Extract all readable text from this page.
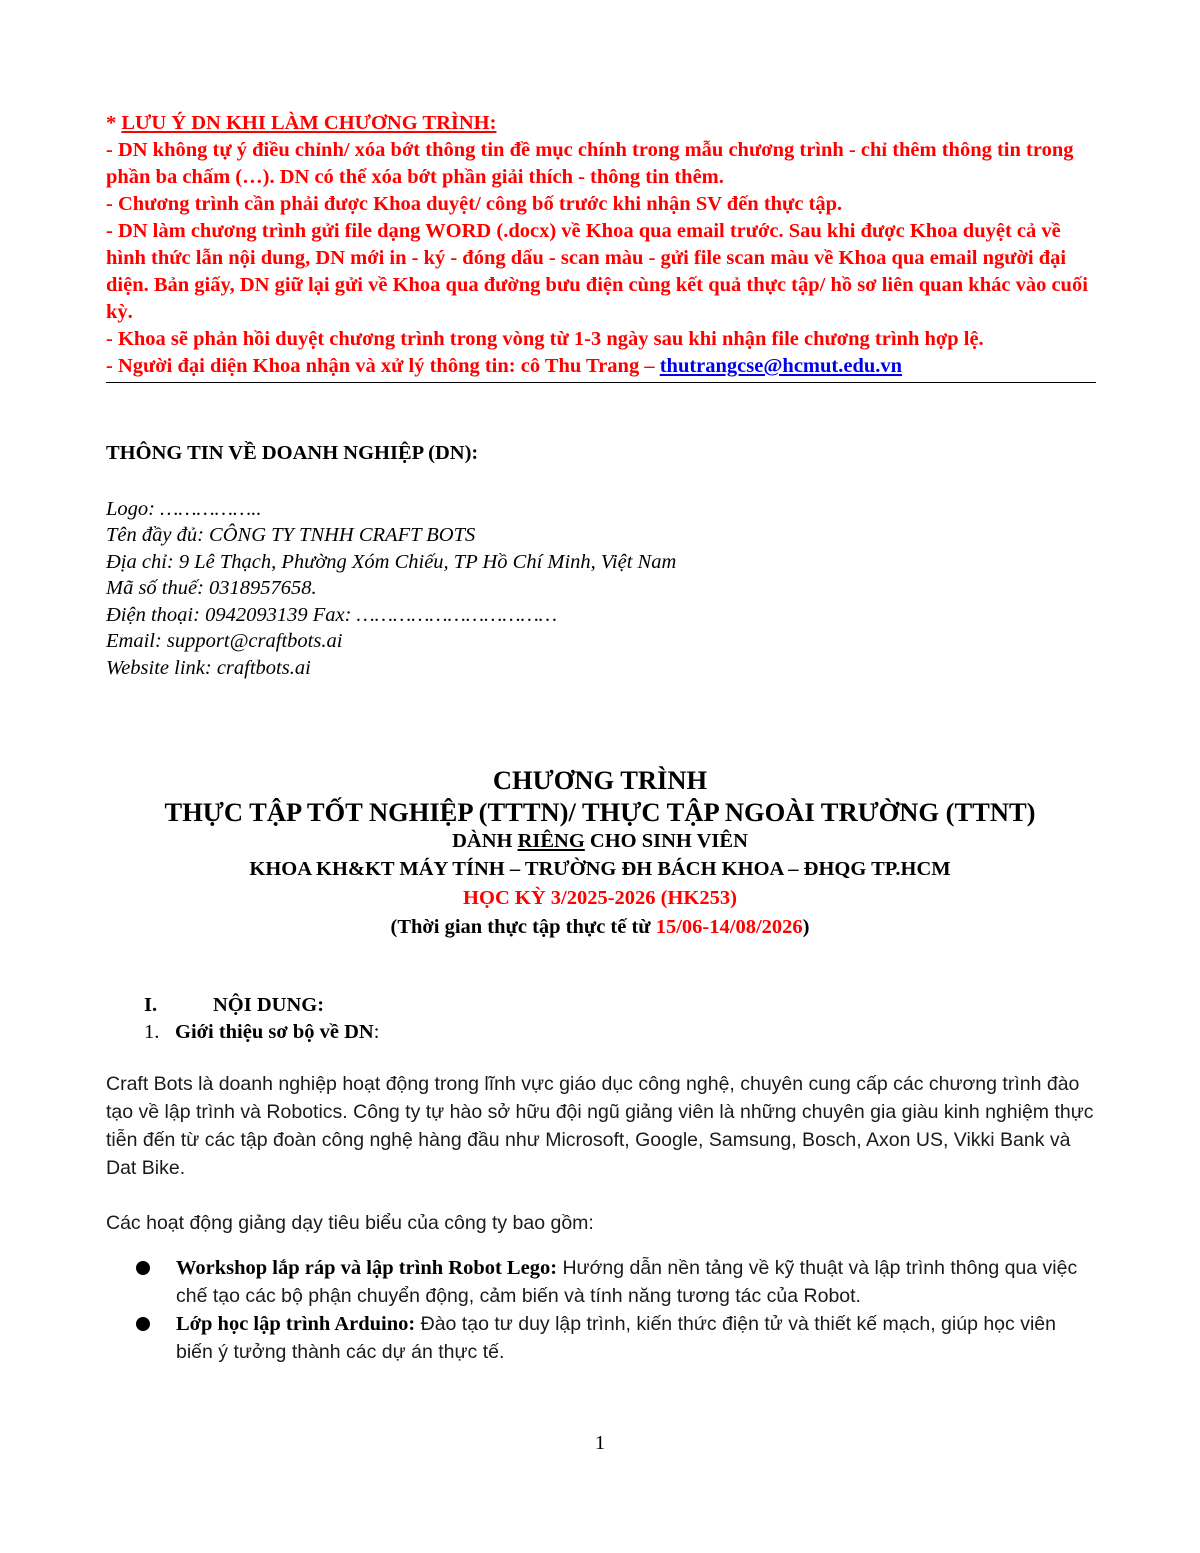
* LƯU Ý DN KHI LÀM CHƯƠNG TRÌNH:

- DN không tự ý điều chỉnh/ xóa bớt thông tin đề mục chính trong mẫu chương trình - chỉ thêm thông tin trong phần ba chấm (…). DN có thể xóa bớt phần giải thích - thông tin thêm.

- Chương trình cần phải được Khoa duyệt/ công bố trước khi nhận SV đến thực tập.

- DN làm chương trình gửi file dạng WORD (.docx) về Khoa qua email trước. Sau khi được Khoa duyệt cả về hình thức lẫn nội dung, DN mới in - ký - đóng dấu - scan màu - gửi file scan màu về Khoa qua email người đại diện. Bản giấy, DN giữ lại gửi về Khoa qua đường bưu điện cùng kết quả thực tập/ hồ sơ liên quan khác vào cuối kỳ.

- Khoa sẽ phản hồi duyệt chương trình trong vòng từ 1-3 ngày sau khi nhận file chương trình hợp lệ.

- Người đại diện Khoa nhận và xử lý thông tin: cô Thu Trang – thutrangcse@hcmut.edu.vn

THÔNG TIN VỀ DOANH NGHIỆP (DN):
Logo: ……………..
Tên đầy đủ: CÔNG TY TNHH CRAFT BOTS
Địa chỉ: 9 Lê Thạch, Phường Xóm Chiếu, TP Hồ Chí Minh, Việt Nam
Mã số thuế: 0318957658.
Điện thoại: 0942093139 Fax: ……………………………
Email: support@craftbots.ai
Website link: craftbots.ai
CHƯƠNG TRÌNH
THỰC TẬP TỐT NGHIỆP (TTTN)/ THỰC TẬP NGOÀI TRƯỜNG (TTNT)
DÀNH RIÊNG CHO SINH VIÊN
KHOA KH&KT MÁY TÍNH – TRƯỜNG ĐH BÁCH KHOA – ĐHQG TP.HCM
HỌC KỲ 3/2025-2026 (HK253)
(Thời gian thực tập thực tế từ 15/06-14/08/2026)
I.	NỘI DUNG:
1. Giới thiệu sơ bộ về DN:

Craft Bots là doanh nghiệp hoạt động trong lĩnh vực giáo dục công nghệ, chuyên cung cấp các chương trình đào tạo về lập trình và Robotics. Công ty tự hào sở hữu đội ngũ giảng viên là những chuyên gia giàu kinh nghiệm thực tiễn đến từ các tập đoàn công nghệ hàng đầu như Microsoft, Google, Samsung, Bosch, Axon US, Vikki Bank và Dat Bike.

Các hoạt động giảng dạy tiêu biểu của công ty bao gồm:

Workshop lắp ráp và lập trình Robot Lego: Hướng dẫn nền tảng về kỹ thuật và lập trình thông qua việc chế tạo các bộ phận chuyển động, cảm biến và tính năng tương tác của Robot.
Lớp học lập trình Arduino: Đào tạo tư duy lập trình, kiến thức điện tử và thiết kế mạch, giúp học viên biến ý tưởng thành các dự án thực tế.
1
